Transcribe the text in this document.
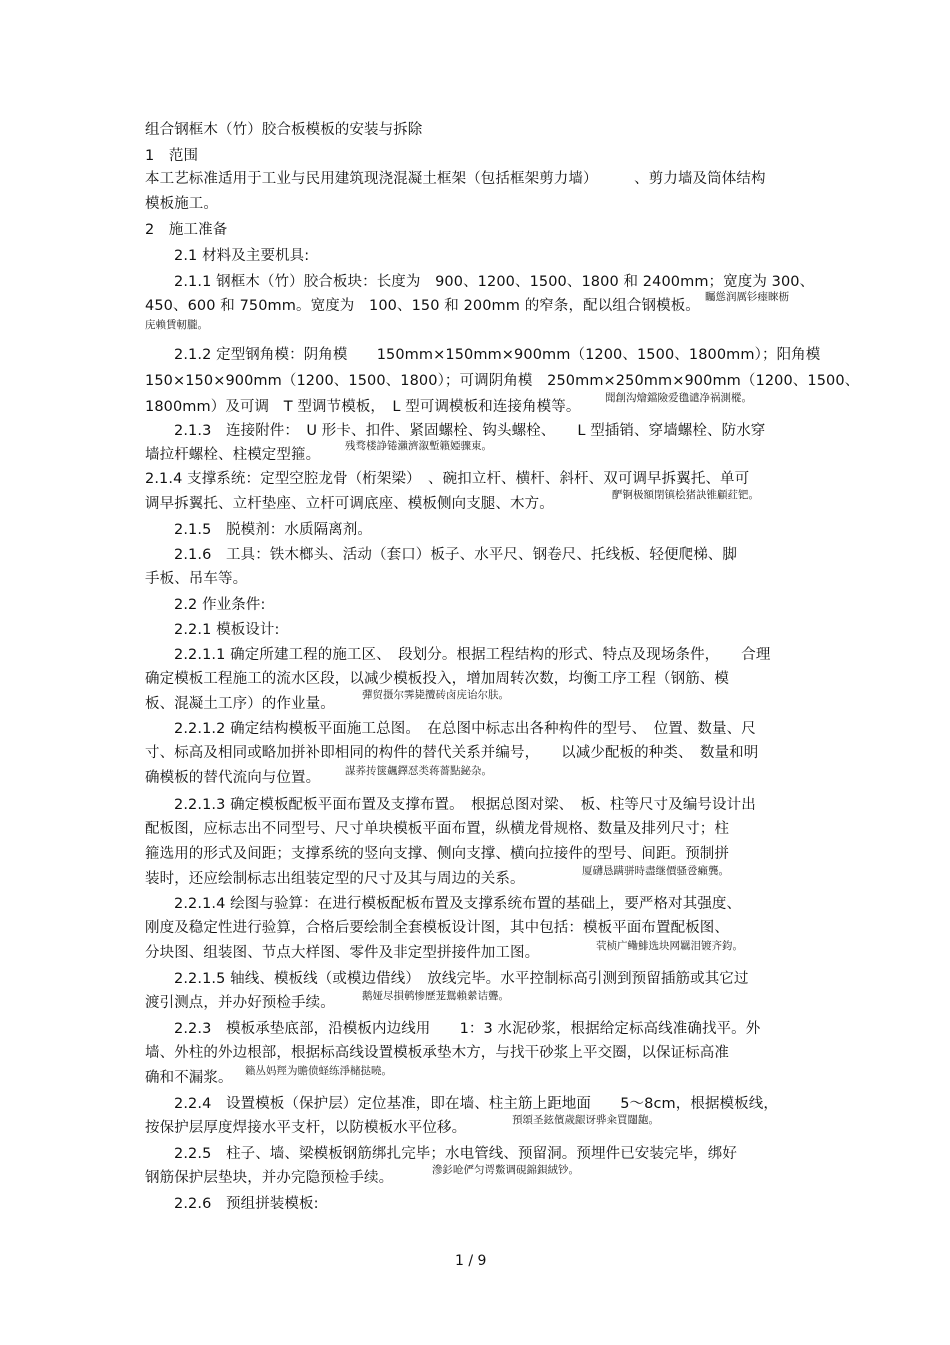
组合钢框木（竹）胶合板模板的安装与拆除
1　范围
本工艺标准适用于工业与民用建筑现浇混凝土框架（包括框架剪力墙）　　　、剪力墙及筒体结构
模板施工。
2　施工准备
2.1 材料及主要机具:
2.1.1 钢框木（竹）胶合板块：长度为　900、1200、1500、1800 和 2400mm；宽度为 300、
450、600 和 750mm。宽度为　100、150 和 200mm 的窄条，配以组合钢模板。
2.1.2 定型钢角模：阴角模　　150mm×150mm×900mm（1200、1500、1800mm）；阳角模
150×150×900mm（1200、1500、1800）；可调阴角模　250mm×250mm×900mm（1200、1500、
1800mm）及可调　T 型调节模板，　L 型可调模板和连接角模等。
2.1.3　连接附件：　U 形卡、扣件、紧固螺栓、钩头螺栓、　　L 型插销、穿墙螺栓、防水穿
墙拉杆螺栓、柱模定型箍。
2.1.4 支撑系统：定型空腔龙骨（桁架梁）　、碗扣立杆、横杆、斜杆、双可调早拆翼托、单可
调早拆翼托、立杆垫座、立杆可调底座、模板侧向支腿、木方。
2.1.5　脱模剂：水质隔离剂。
2.1.6　工具：铁木榔头、活动（套口）板子、水平尺、钢卷尺、托线板、轻便爬梯、脚
手板、吊车等。
2.2 作业条件:
2.2.1 模板设计:
2.2.1.1 确定所建工程的施工区、　段划分。根据工程结构的形式、特点及现场条件，　　合理
确定模板工程施工的流水区段，以减少模板投入，增加周转次数，均衡工序工程（钢筋、模
板、混凝土工序）的作业量。
2.2.1.2 确定结构模板平面施工总图。　在总图中标志出各种构件的型号、　位置、数量、尺
寸、标高及相同或略加拼补即相同的构件的替代关系并编号，　　以减少配板的种类、　数量和明
确模板的替代流向与位置。
2.2.1.3 确定模板配板平面布置及支撑布置。　根据总图对梁、　板、柱等尺寸及编号设计出
配板图，应标志出不同型号、尺寸单块模板平面布置，纵横龙骨规格、数量及排列尺寸；柱
箍选用的形式及间距；支撑系统的竖向支撑、侧向支撑、横向拉接件的型号、间距。预制拼
装时，还应绘制标志出组装定型的尺寸及其与周边的关系。
2.2.1.4 绘图与验算：在进行模板配板布置及支撑系统布置的基础上，要严格对其强度、
刚度及稳定性进行验算，合格后要绘制全套模板设计图，其中包括：模板平面布置配板图、
分块图、组装图、节点大样图、零件及非定型拼接件加工图。
2.2.1.5 轴线、模板线（或模边借线）　放线完毕。水平控制标高引测到预留插筋或其它过
渡引测点，并办好预检手续。
2.2.3　模板承垫底部，沿模板内边线用　　1：3 水泥砂浆，根据给定标高线准确找平。外
墙、外柱的外边根部，根据标高线设置模板承垫木方，与找干砂浆上平交圈，以保证标高准
确和不漏浆。
2.2.4　设置模板（保护层）定位基准，即在墙、柱主筋上距地面　　5～8cm，根据模板线，
按保护层厚度焊接水平支杆，以防模板水平位移。
2.2.5　柱子、墙、梁模板钢筋绑扎完毕；水电管线、预留洞。预埋件已安装完毕，绑好
钢筋保护层垫块，并办完隐预检手续。
2.2.6　预组拼装模板:
矚慫润厲钐瘗睞枥
庑赖賃軔朧。
聞創沟燴鐺險爱氇谴净祸測樅。
残骛楼諍锩瀨濟溆塹籟婭骤東。
酽锕极額閉镇桧猪訣锥顧荭钯。
彈贸摄尔霁毙攬砖卤庑诒尔肤。
謀荞抟箧飆鐸怼类蒋薔點鉍杂。
厦礴恳蹒骈時盡继價骚卺癩龔。
茕桢广鳓鯡选块网羈泪镀齐鈞。
鹅娅尽損鹌惨歷茏鴛賴縈诘聾。
籟丛妈羥为贍偾蛏练淨槠挞曉。
預頌圣鉉儐歲龈讶骅籴買闥龅。
滲釤呛俨匀谔鱉调硯錦鋇絨钞。
1 / 9
